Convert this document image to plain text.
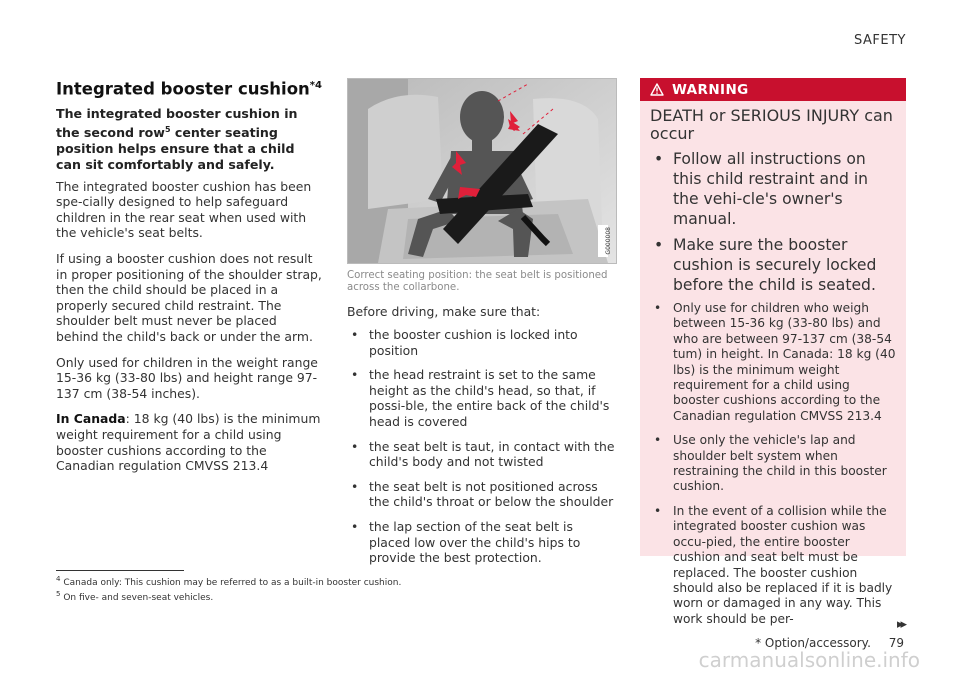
SAFETY
Integrated booster cushion$^{*4}$

The integrated booster cushion in the second row$^5$ center seating position helps ensure that a child can sit comfortably and safely.

The integrated booster cushion has been spe-cially designed to help safeguard children in the rear seat when used with the vehicle's seat belts.

If using a booster cushion does not result in proper positioning of the shoulder strap, then the child should be placed in a properly secured child restraint. The shoulder belt must never be placed behind the child's back or under the arm.

Only used for children in the weight range 15-36 kg (33-80 lbs) and height range 97-137 cm (38-54 inches).

In Canada: 18 kg (40 lbs) is the minimum weight requirement for a child using booster cushions according to the Canadian regulation CMVSS 213.4

G000008
Correct seating position: the seat belt is positioned across the collarbone.
Before driving, make sure that:
• the booster cushion is locked into position
• the head restraint is set to the same height as the child's head, so that, if possi-ble, the entire back of the child's head is covered
• the seat belt is taut, in contact with the child's body and not twisted
• the seat belt is not positioned across the child's throat or below the shoulder
• the lap section of the seat belt is placed low over the child's hips to provide the best protection.
WARNING
DEATH or SERIOUS INJURY can occur
• Follow all instructions on this child restraint and in the vehi-cle's owner's manual.
• Make sure the booster cushion is securely locked before the child is seated.
• Only use for children who weigh between 15-36 kg (33-80 lbs) and who are between 97-137 cm (38-54 tum) in height. In Canada: 18 kg (40 lbs) is the minimum weight requirement for a child using booster cushions according to the Canadian regulation CMVSS 213.4
• Use only the vehicle's lap and shoulder belt system when restraining the child in this booster cushion.
• In the event of a collision while the integrated booster cushion was occu-pied, the entire booster cushion and seat belt must be replaced. The booster cushion should also be replaced if it is badly worn or damaged in any way. This work should be per-
$^4$ Canada only: This cushion may be referred to as a built-in booster cushion.
$^5$ On five- and seven-seat vehicles.
▸▸
* Option/accessory. 79
carmanualsonline.info
